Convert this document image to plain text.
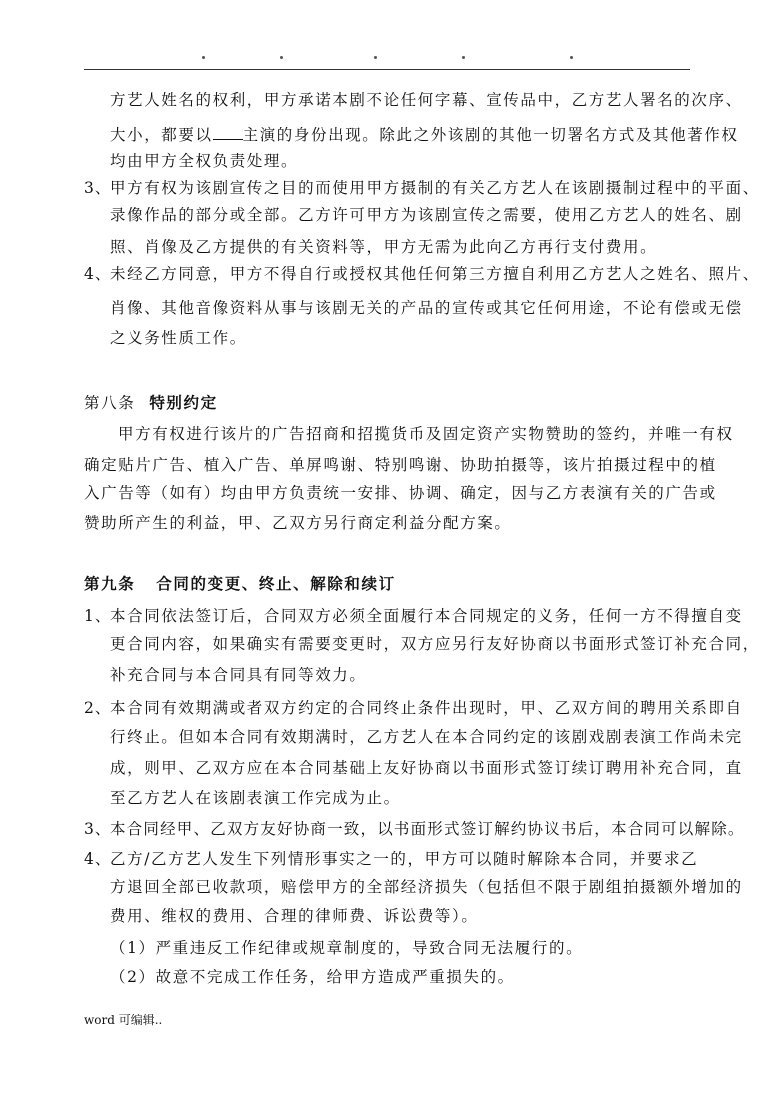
方艺人姓名的权利，甲方承诺本剧不论任何字幕、宣传品中，乙方艺人署名的次序、
大小，都要以 主演的身份出现。除此之外该剧的其他一切署名方式及其他著作权
均由甲方全权负责处理。
3、
甲方有权为该剧宣传之目的而使用甲方摄制的有关乙方艺人在该剧摄制过程中的平面、
录像作品的部分或全部。乙方许可甲方为该剧宣传之需要，使用乙方艺人的姓名、剧
照、肖像及乙方提供的有关资料等，甲方无需为此向乙方再行支付费用。
4、
未经乙方同意，甲方不得自行或授权其他任何第三方擅自利用乙方艺人之姓名、照片、
肖像、其他音像资料从事与该剧无关的产品的宣传或其它任何用途，不论有偿或无偿
之义务性质工作。
第八条 特别约定
甲方有权进行该片的广告招商和招揽货币及固定资产实物赞助的签约，并唯一有权
确定贴片广告、植入广告、单屏鸣谢、特别鸣谢、协助拍摄等，该片拍摄过程中的植
入广告等（如有）均由甲方负责统一安排、协调、确定，因与乙方表演有关的广告或
赞助所产生的利益，甲、乙双方另行商定利益分配方案。
第九条   合同的变更、终止、解除和续订
1、
本合同依法签订后，合同双方必须全面履行本合同规定的义务，任何一方不得擅自变
更合同内容，如果确实有需要变更时，双方应另行友好协商以书面形式签订补充合同，
补充合同与本合同具有同等效力。
2、
本合同有效期满或者双方约定的合同终止条件出现时，甲、乙双方间的聘用关系即自
行终止。但如本合同有效期满时，乙方艺人在本合同约定的该剧戏剧表演工作尚未完
成，则甲、乙双方应在本合同基础上友好协商以书面形式签订续订聘用补充合同，直
至乙方艺人在该剧表演工作完成为止。
3、
本合同经甲、乙双方友好协商一致，以书面形式签订解约协议书后，本合同可以解除。
4、
乙方/乙方艺人发生下列情形事实之一的，甲方可以随时解除本合同，并要求乙
方退回全部已收款项，赔偿甲方的全部经济损失（包括但不限于剧组拍摄额外增加的
费用、维权的费用、合理的律师费、诉讼费等）。
（1）严重违反工作纪律或规章制度的，导致合同无法履行的。
（2）故意不完成工作任务，给甲方造成严重损失的。
word 可编辑..
